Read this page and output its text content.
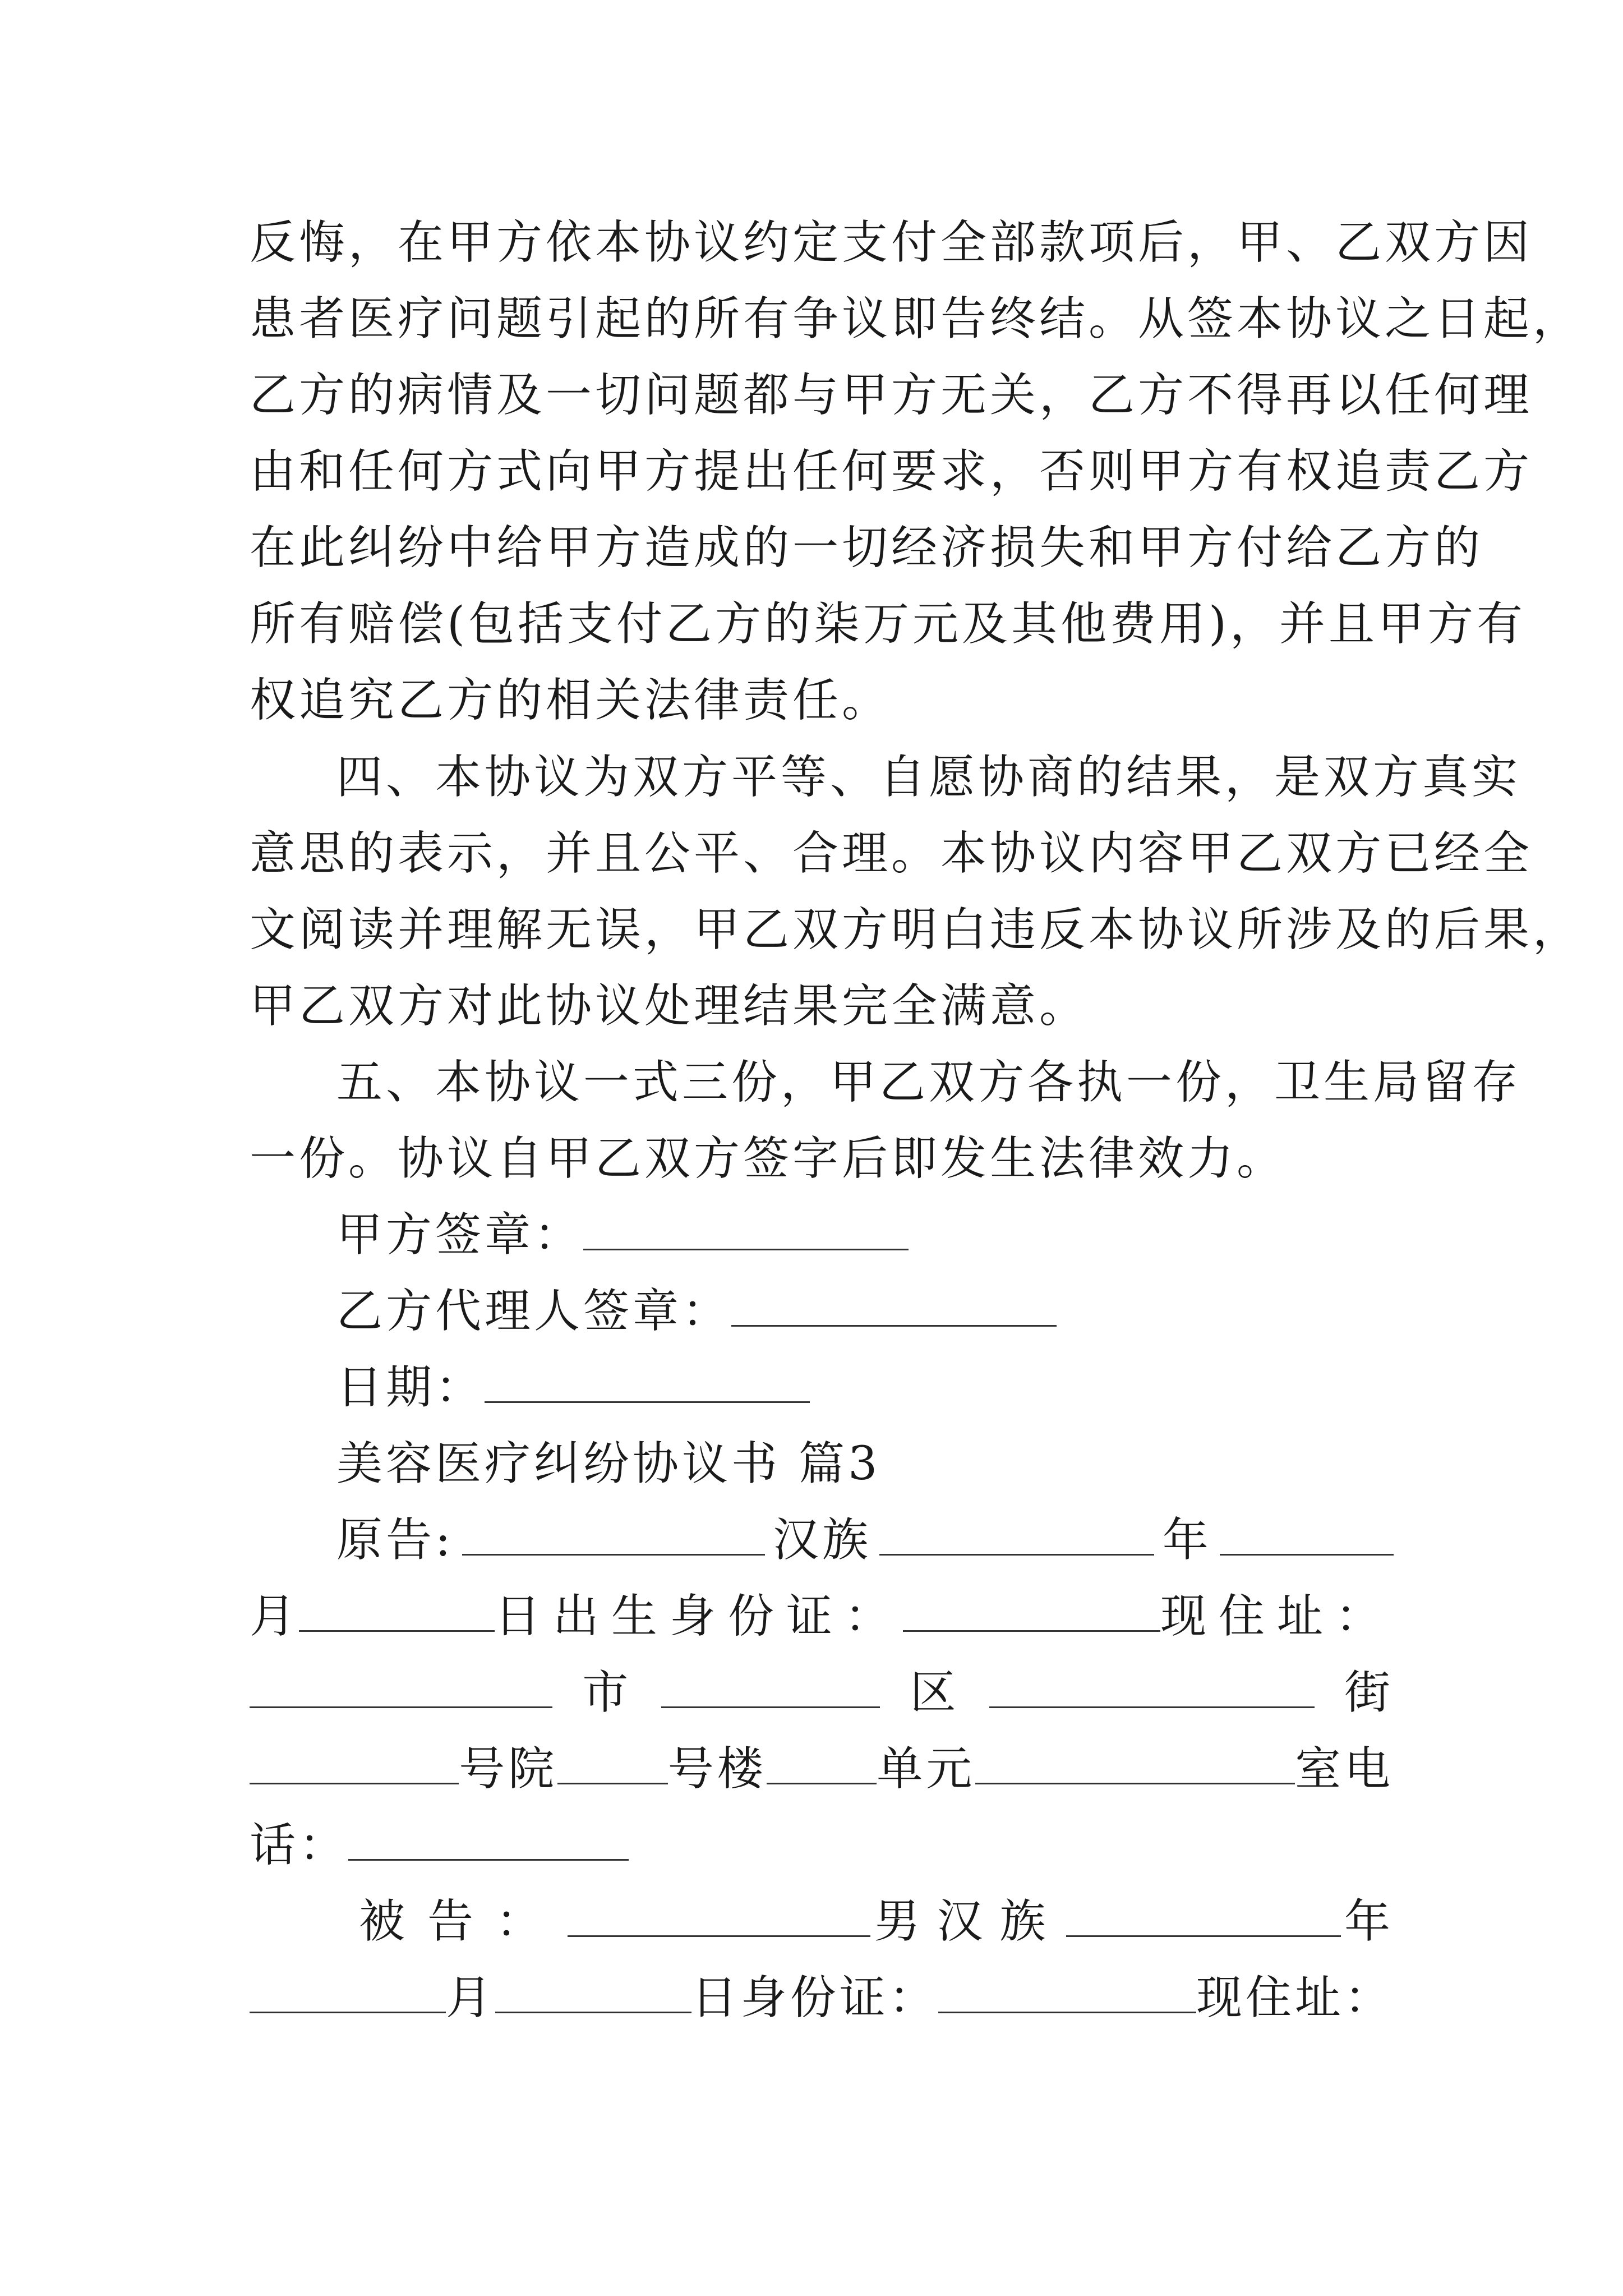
反悔，在甲方依本协议约定支付全部款项后，甲、乙双方因
患者医疗问题引起的所有争议即告终结。从签本协议之日起，
乙方的病情及一切问题都与甲方无关，乙方不得再以任何理
由和任何方式向甲方提出任何要求，否则甲方有权追责乙方
在此纠纷中给甲方造成的一切经济损失和甲方付给乙方的
所有赔偿(包括支付乙方的柒万元及其他费用)，并且甲方有
权追究乙方的相关法律责任。
四、本协议为双方平等、自愿协商的结果，是双方真实
意思的表示，并且公平、合理。本协议内容甲乙双方已经全
文阅读并理解无误，甲乙双方明白违反本协议所涉及的后果，
甲乙双方对此协议处理结果完全满意。
五、本协议一式三份，甲乙双方各执一份，卫生局留存
一份。协议自甲乙双方签字后即发生法律效力。
甲方签章：
乙方代理人签章：
日期：
美容医疗纠纷协议书 篇3
原告:	汉族	年
月	日出生身份证：	现住址：
市	区	街
号院 号楼 单元	室电
话：
被告：	男汉族	年
月	日身份证：	现住址：
